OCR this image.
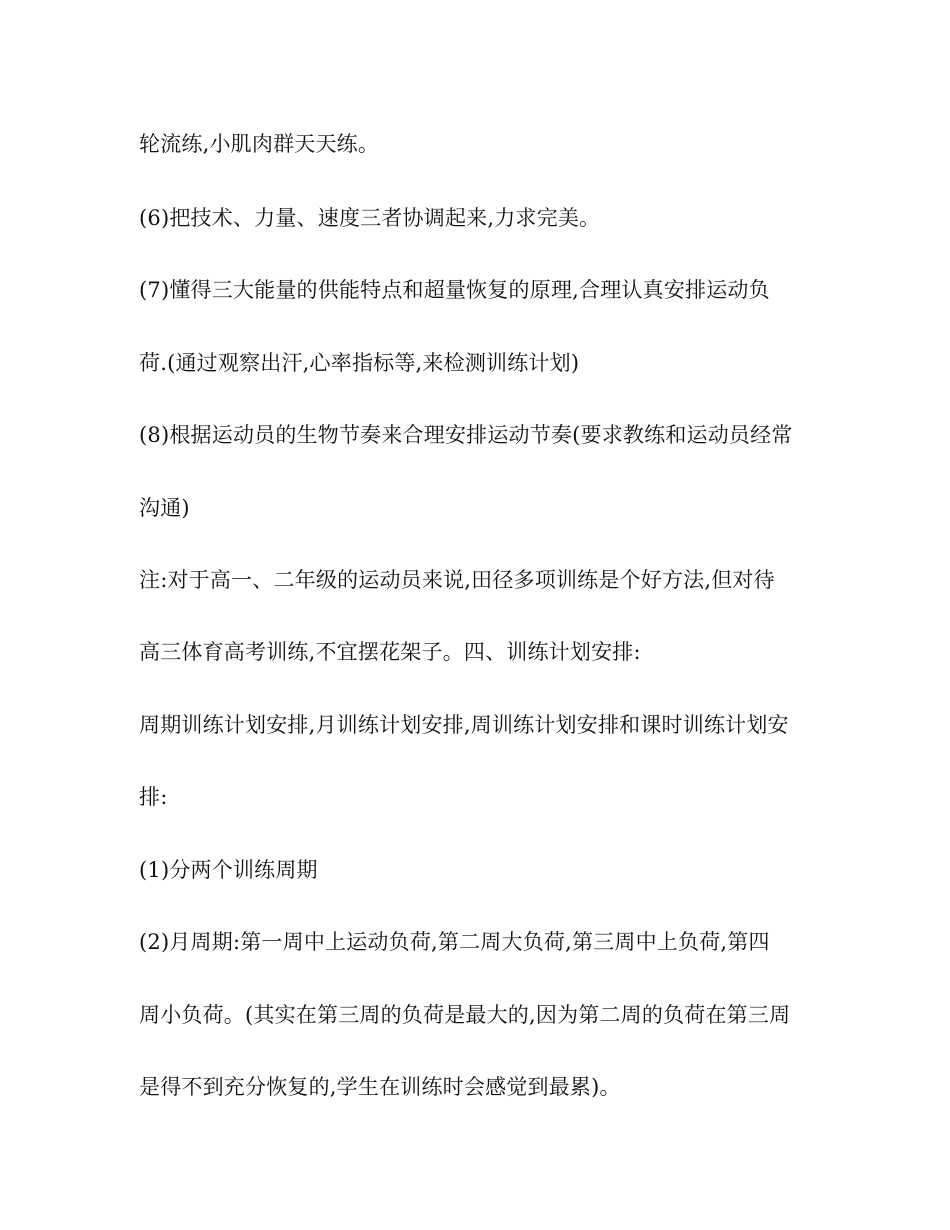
轮流练,小肌肉群天天练。

(6)把技术、力量、速度三者协调起来,力求完美。

(7)懂得三大能量的供能特点和超量恢复的原理,合理认真安排运动负

荷.(通过观察出汗,心率指标等,来检测训练计划)

(8)根据运动员的生物节奏来合理安排运动节奏(要求教练和运动员经常

沟通)

注:对于高一、二年级的运动员来说,田径多项训练是个好方法,但对待

高三体育高考训练,不宜摆花架子。四、训练计划安排:

周期训练计划安排,月训练计划安排,周训练计划安排和课时训练计划安

排:

(1)分两个训练周期

(2)月周期:第一周中上运动负荷,第二周大负荷,第三周中上负荷,第四

周小负荷。(其实在第三周的负荷是最大的,因为第二周的负荷在第三周

是得不到充分恢复的,学生在训练时会感觉到最累)。
